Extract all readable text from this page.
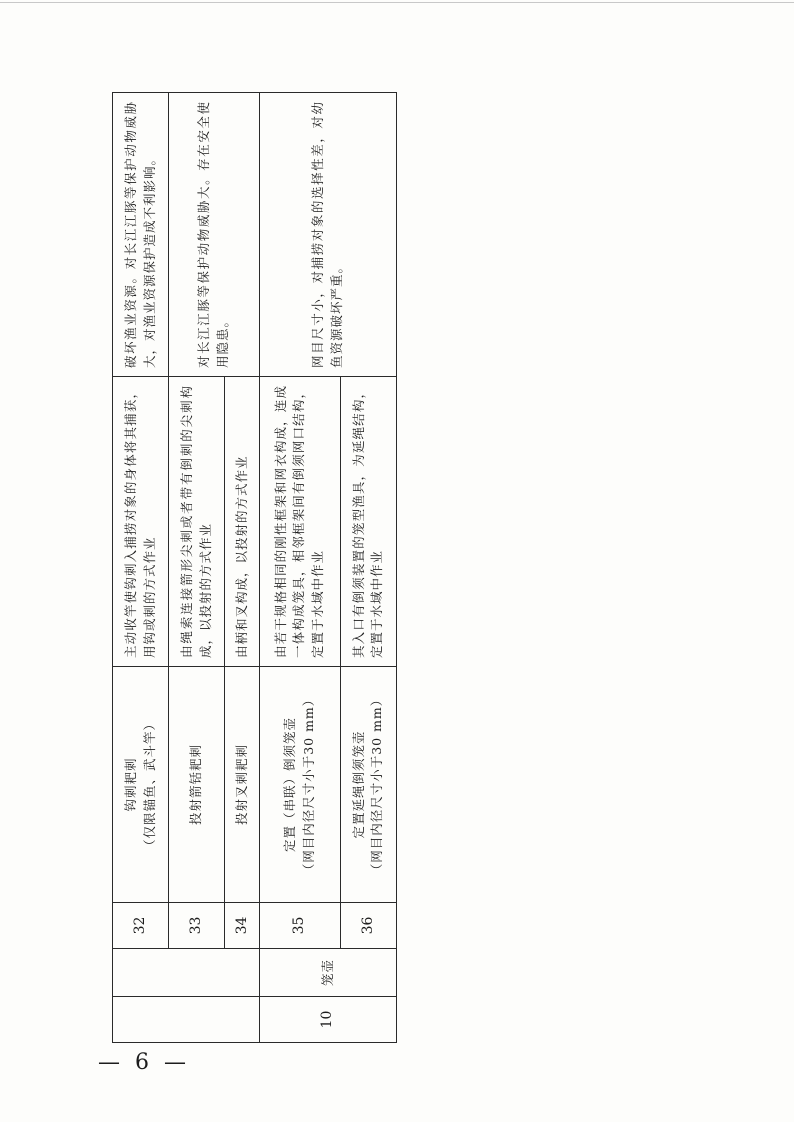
		32	钩刺耙刺 （仅限锚鱼、武斗竿）	主动收竿使钩刺入捕捞对象的身体将其捕获，用钩或刺的方式作业	破坏渔业资源。对长江江豚等保护动物威胁大，对渔业资源保护造成不利影响。
		33	投射箭铦耙刺	由绳索连接箭形尖刺或者带有倒刺的尖刺构成，以投射的方式作业	对长江江豚等保护动物威胁大。存在安全使用隐患。
		34	投射叉刺耙刺	由柄和叉构成，以投射的方式作业	
10	笼壶	35	定置（串联）倒须笼壶 （网目内径尺寸小于30 mm）	由若干规格相同的刚性框架和网衣构成，连成一体构成笼具，相邻框架间有倒须网口结构，定置于水域中作业	网目尺寸小，对捕捞对象的选择性差，对幼鱼资源破坏严重。
		36	定置延绳倒须笼壶 （网目内径尺寸小于30 mm）	其入口有倒须装置的笼型渔具，为延绳结构，定置于水域中作业	
— 6 —
